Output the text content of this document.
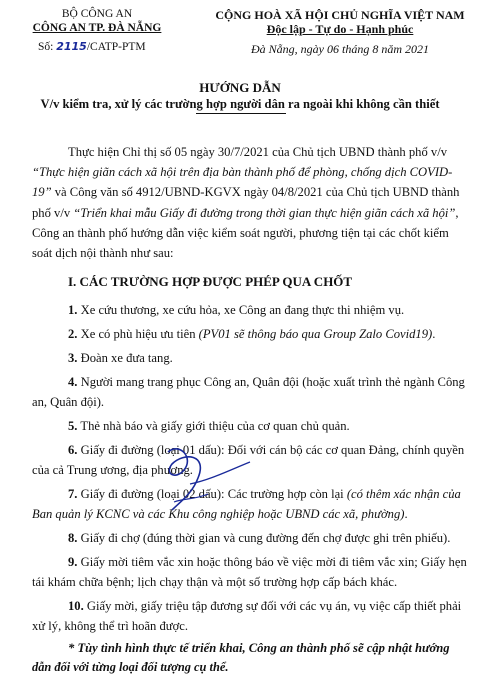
BỘ CÔNG AN
CÔNG AN TP. ĐÀ NẴNG
Số: 2115/CATP-PTM
CỘNG HOÀ XÃ HỘI CHỦ NGHĨA VIỆT NAM
Độc lập - Tự do - Hạnh phúc
Đà Nẵng, ngày 06 tháng 8 năm 2021
HƯỚNG DẪN
V/v kiểm tra, xử lý các trường hợp người dân ra ngoài khi không cần thiết
Thực hiện Chỉ thị số 05 ngày 30/7/2021 của Chủ tịch UBND thành phố v/v
“Thực hiện giãn cách xã hội trên địa bàn thành phố để phòng, chống dịch COVID-
19” và Công văn số 4912/UBND-KGVX ngày 04/8/2021 của Chủ tịch UBND thành
phố v/v “Triển khai mẫu Giấy đi đường trong thời gian thực hiện giãn cách xã hội”,
Công an thành phố hướng dẫn việc kiểm soát người, phương tiện tại các chốt kiểm
soát dịch nội thành như sau:
I. CÁC TRƯỜNG HỢP ĐƯỢC PHÉP QUA CHỐT
1. Xe cứu thương, xe cứu hỏa, xe Công an đang thực thi nhiệm vụ.
2. Xe có phù hiệu ưu tiên (PV01 sẽ thông báo qua Group Zalo Covid19).
3. Đoàn xe đưa tang.
4. Người mang trang phục Công an, Quân đội (hoặc xuất trình thẻ ngành Công
an, Quân đội).
5. Thẻ nhà báo và giấy giới thiệu của cơ quan chủ quản.
6. Giấy đi đường (loại 01 dấu): Đối với cán bộ các cơ quan Đảng, chính quyền
của cả Trung ương, địa phương.
7. Giấy đi đường (loại 02 dấu): Các trường hợp còn lại (có thêm xác nhận của
Ban quản lý KCNC và các Khu công nghiệp hoặc UBND các xã, phường).
8. Giấy đi chợ (đúng thời gian và cung đường đến chợ được ghi trên phiếu).
9. Giấy mời tiêm vắc xin hoặc thông báo về việc mời đi tiêm vắc xin; Giấy hẹn
tái khám chữa bệnh; lịch chạy thận và một số trường hợp cấp bách khác.
10. Giấy mời, giấy triệu tập đương sự đối với các vụ án, vụ việc cấp thiết phải
xử lý, không thể trì hoãn được.
* Tùy tình hình thực tế triển khai, Công an thành phố sẽ cập nhật hướng
dẫn đối với từng loại đối tượng cụ thể.
